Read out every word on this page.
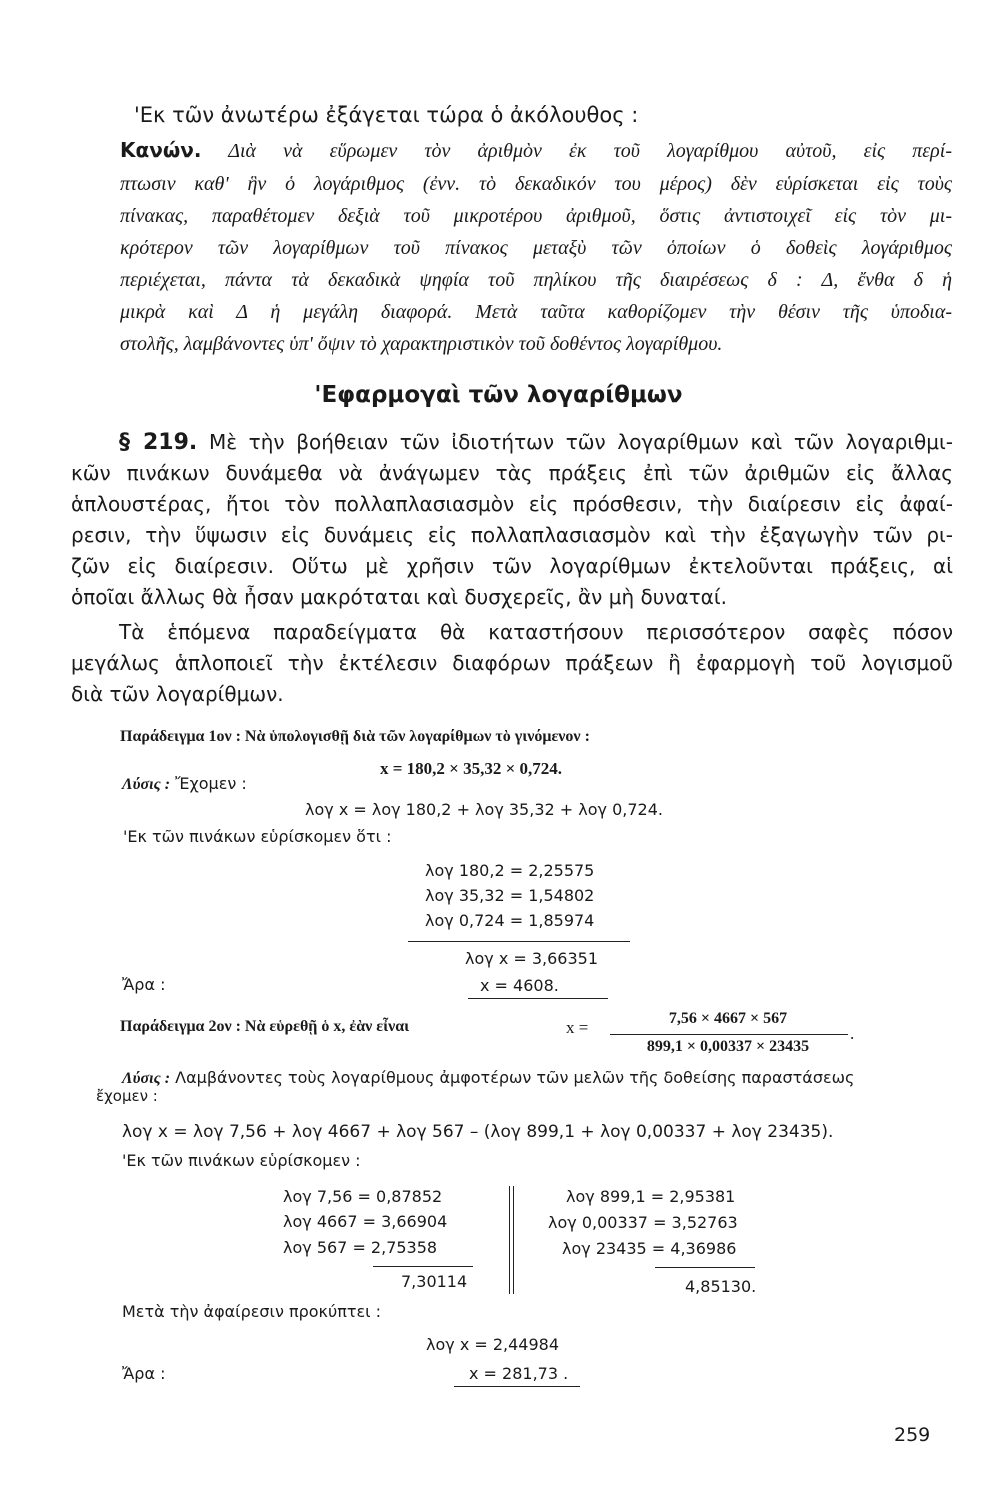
'Εκ τῶν ἀνωτέρω ἐξάγεται τώρα ὁ ἀκόλουθος :
Κανών. Διὰ νὰ εὕρωμεν τὸν ἀριθμὸν ἐκ τοῦ λογαρίθμου αὐτοῦ, εἰς περί-
πτωσιν καθ' ἣν ὁ λογάριθμος (ἐνν. τὸ δεκαδικόν του μέρος) δὲν εὑρίσκεται εἰς τοὺς
πίνακας, παραθέτομεν δεξιὰ τοῦ μικροτέρου ἀριθμοῦ, ὅστις ἀντιστοιχεῖ εἰς τὸν μι-
κρότερον τῶν λογαρίθμων τοῦ πίνακος μεταξὺ τῶν ὁποίων ὁ δοθεὶς λογάριθμος
περιέχεται, πάντα τὰ δεκαδικὰ ψηφία τοῦ πηλίκου τῆς διαιρέσεως δ : Δ, ἔνθα δ ἡ
μικρὰ καὶ Δ ἡ μεγάλη διαφορά. Μετὰ ταῦτα καθορίζομεν τὴν θέσιν τῆς ὑποδια-
στολῆς, λαμβάνοντες ὑπ' ὄψιν τὸ χαρακτηριστικὸν τοῦ δοθέντος λογαρίθμου.
'Εφαρμογαὶ τῶν λογαρίθμων
§ 219. Μὲ τὴν βοήθειαν τῶν ἰδιοτήτων τῶν λογαρίθμων καὶ τῶν λογαριθμι-
κῶν πινάκων δυνάμεθα νὰ ἀνάγωμεν τὰς πράξεις ἐπὶ τῶν ἀριθμῶν εἰς ἄλλας
ἁπλουστέρας, ἤτοι τὸν πολλαπλασιασμὸν εἰς πρόσθεσιν, τὴν διαίρεσιν εἰς ἀφαί-
ρεσιν, τὴν ὕψωσιν εἰς δυνάμεις εἰς πολλαπλασιασμὸν καὶ τὴν ἐξαγωγὴν τῶν ρι-
ζῶν εἰς διαίρεσιν. Οὕτω μὲ χρῆσιν τῶν λογαρίθμων ἐκτελοῦνται πράξεις, αἱ
ὁποῖαι ἄλλως θὰ ἦσαν μακρόταται καὶ δυσχερεῖς, ἂν μὴ δυναταί.
Τὰ ἑπόμενα παραδείγματα θὰ καταστήσουν περισσότερον σαφὲς πόσον
μεγάλως ἁπλοποιεῖ τὴν ἐκτέλεσιν διαφόρων πράξεων ἢ ἐφαρμογὴ τοῦ λογισμοῦ
διὰ τῶν λογαρίθμων.
Παράδειγμα 1ον : Νὰ ὑπολογισθῇ διὰ τῶν λογαρίθμων τὸ γινόμενον :
x = 180,2 × 35,32 × 0,724.
Λύσις : Ἔχομεν :
λογ x = λογ 180,2 + λογ 35,32 + λογ 0,724.
'Εκ τῶν πινάκων εὑρίσκομεν ὅτι :
λογ 180,2 = 2,25575
λογ 35,32 = 1,54802
λογ 0,724 = 1,85974
λογ x = 3,66351
Ἄρα :	x = 4608.
Παράδειγμα 2ον : Νὰ εὑρεθῇ ὁ x, ἐὰν εἶναι	x =	7,56 × 4667 × 567
899,1 × 0,00337 × 23435
.
Λύσις : Λαμβάνοντες τοὺς λογαρίθμους ἀμφοτέρων τῶν μελῶν τῆς δοθείσης παραστάσεως
ἔχομεν :
λογ x = λογ 7,56 + λογ 4667 + λογ 567 – (λογ 899,1 + λογ 0,00337 + λογ 23435).
'Εκ τῶν πινάκων εὑρίσκομεν :
λογ 7,56 = 0,87852
λογ 4667 = 3,66904
λογ 567 = 2,75358
7,30114
λογ 899,1 = 2,95381
λογ 0,00337 = 3,52763
λογ 23435 = 4,36986
4,85130.
Μετὰ τὴν ἀφαίρεσιν προκύπτει :
λογ x = 2,44984
Ἄρα :	x = 281,73 .
259
